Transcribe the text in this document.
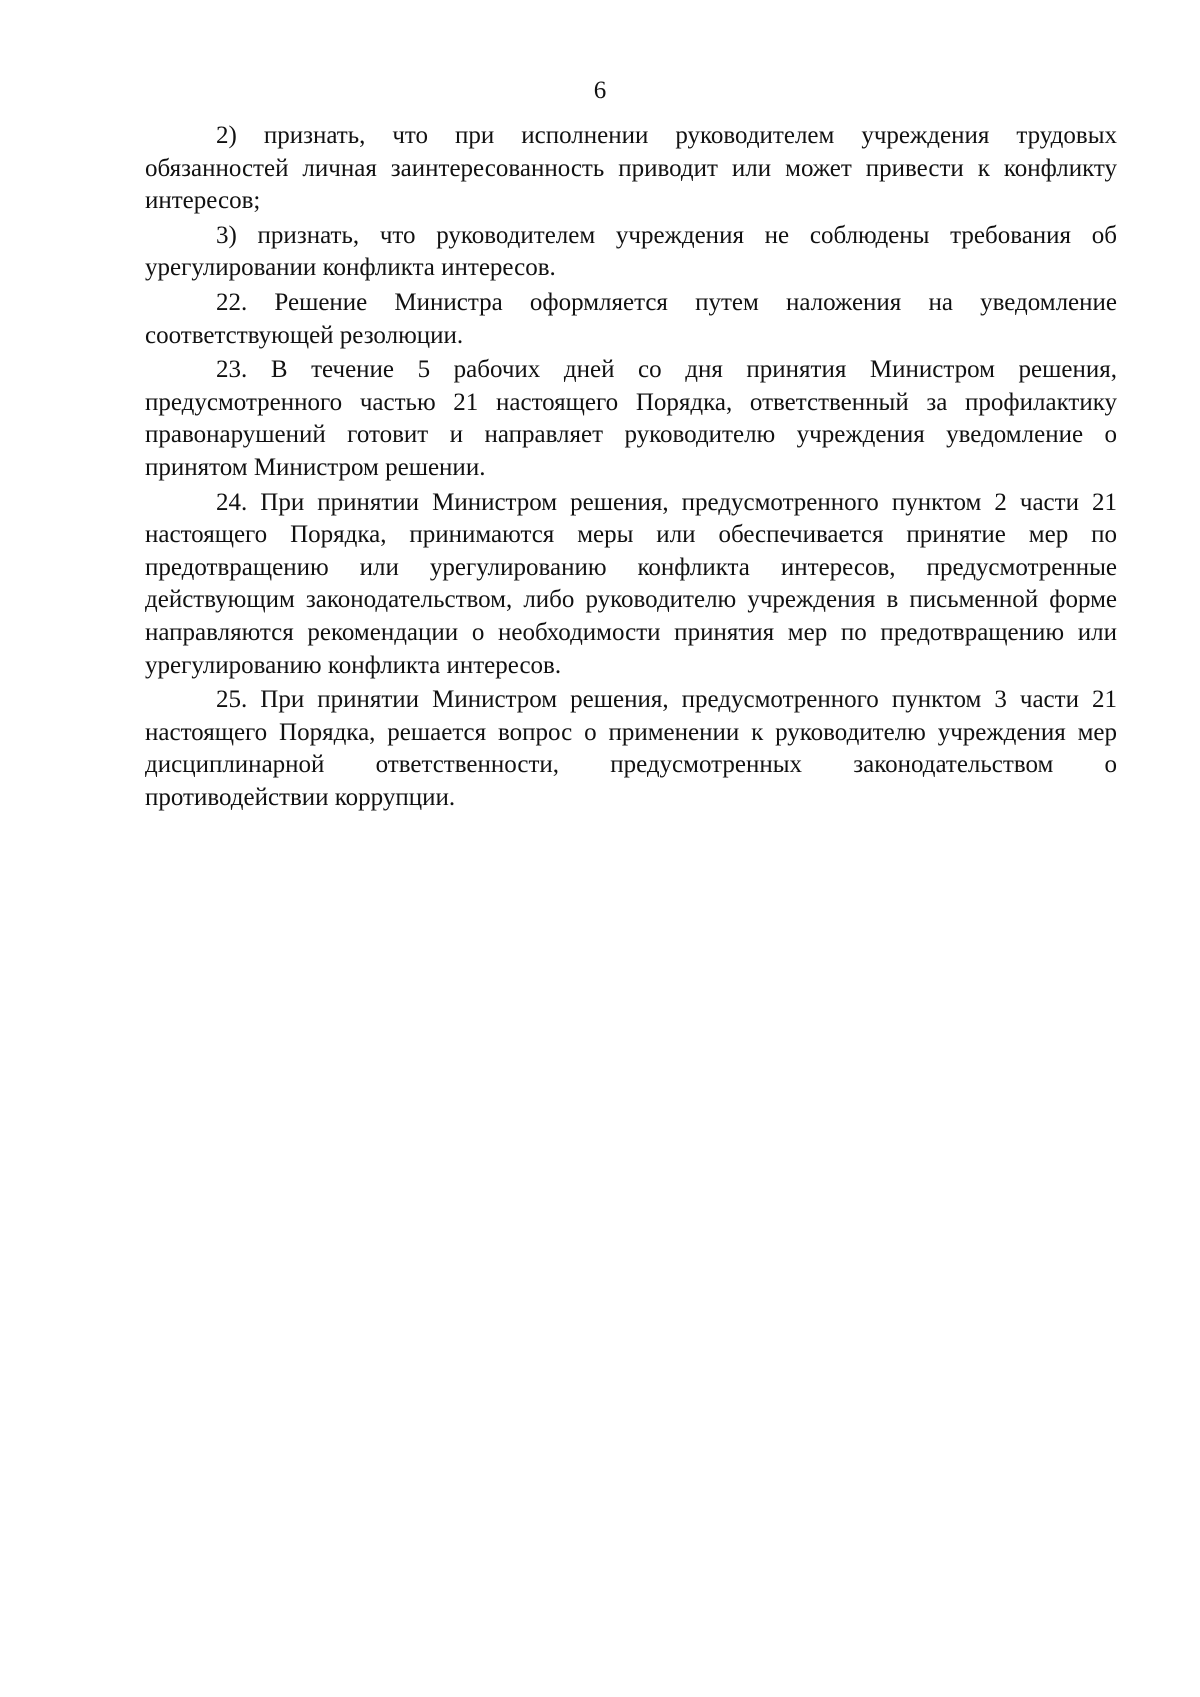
6

2) признать, что при исполнении руководителем учреждения трудовых обязанностей личная заинтересованность приводит или может привести к конфликту интересов;

3) признать, что руководителем учреждения не соблюдены требования об урегулировании конфликта интересов.

22. Решение Министра оформляется путем наложения на уведомление соответствующей резолюции.

23. В течение 5 рабочих дней со дня принятия Министром решения, предусмотренного частью 21 настоящего Порядка, ответственный за профилактику правонарушений готовит и направляет руководителю учреждения уведомление о принятом Министром решении.

24. При принятии Министром решения, предусмотренного пунктом 2 части 21 настоящего Порядка, принимаются меры или обеспечивается принятие мер по предотвращению или урегулированию конфликта интересов, предусмотренные действующим законодательством, либо руководителю учреждения в письменной форме направляются рекомендации о необходимости принятия мер по предотвращению или урегулированию конфликта интересов.

25. При принятии Министром решения, предусмотренного пунктом 3 части 21 настоящего Порядка, решается вопрос о применении к руководителю учреждения мер дисциплинарной ответственности, предусмотренных законодательством о противодействии коррупции.
